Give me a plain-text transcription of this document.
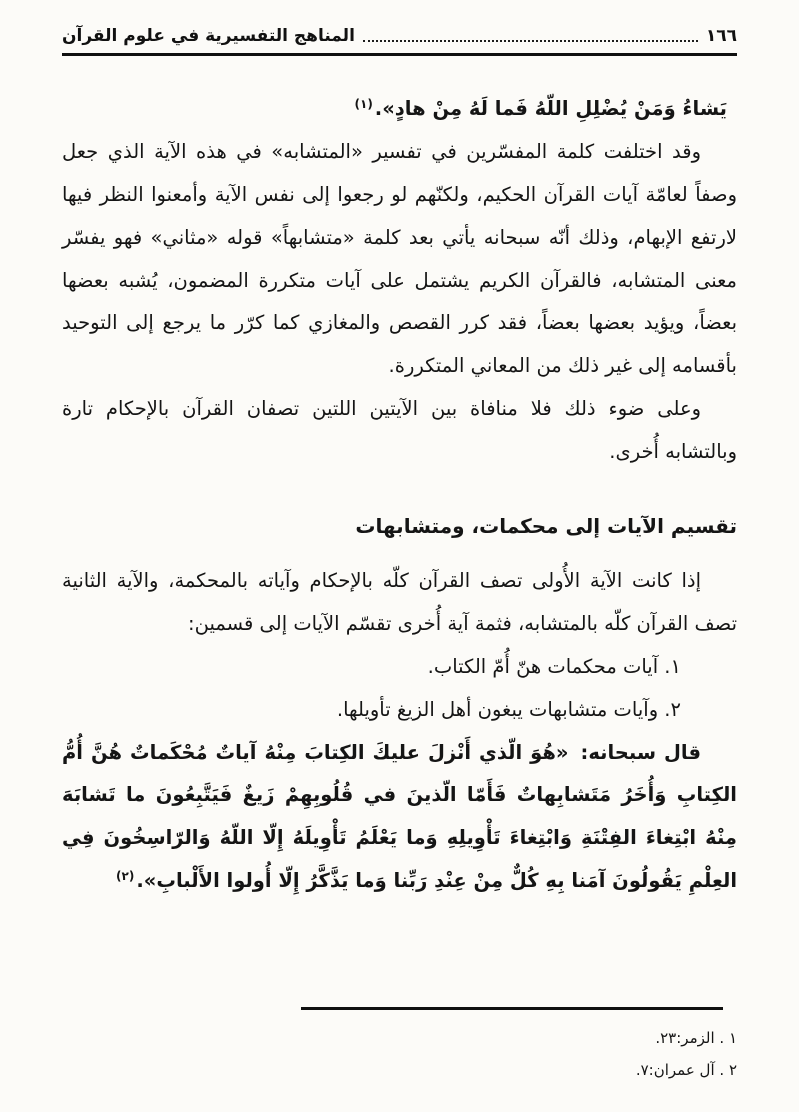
١٦٦
المناهج التفسيرية في علوم القرآن

يَشاءُ وَمَنْ يُضْلِلِ اللّهُ فَما لَهُ مِنْ هادٍ».$^{(١)}$

وقد اختلفت كلمة المفسّرين في تفسير «المتشابه» في هذه الآية الذي جعل وصفاً لعامّة آيات القرآن الحكيم، ولكنّهم لو رجعوا إلى نفس الآية وأمعنوا النظر فيها لارتفع الإبهام، وذلك أنّه سبحانه يأتي بعد كلمة «متشابهاً» قوله «مثاني» فهو يفسّر معنى المتشابه، فالقرآن الكريم يشتمل على آيات متكررة المضمون، يُشبه بعضها بعضاً، ويؤيد بعضها بعضاً، فقد كرر القصص والمغازي كما كرّر ما يرجع إلى التوحيد بأقسامه إلى غير ذلك من المعاني المتكررة.

وعلى ضوء ذلك فلا منافاة بين الآيتين اللتين تصفان القرآن بالإحكام تارة وبالتشابه أُخرى.

تقسيم الآيات إلى محكمات، ومتشابهات

إذا كانت الآية الأُولى تصف القرآن كلّه بالإحكام وآياته بالمحكمة، والآية الثانية تصف القرآن كلّه بالمتشابه، فثمة آية أُخرى تقسّم الآيات إلى قسمين:

١. آيات محكمات هنّ أُمّ الكتاب.

٢. وآيات متشابهات يبغون أهل الزيغ تأويلها.

قال سبحانه: «هُوَ الّذي أَنْزلَ عليكَ الكِتابَ مِنْهُ آياتٌ مُحْكَماتٌ هُنَّ أُمُّ الكِتابِ وَأُخَرُ مَتَشابِهاتٌ فَأَمّا الّذينَ في قُلُوبِهِمْ زَيغٌ فَيَتَّبِعُونَ ما تَشابَهَ مِنْهُ ابْتِغاءَ الفِتْنَةِ وَابْتِغاءَ تَأْوِيلِهِ وَما يَعْلَمُ تَأْوِيلَهُ إِلّا اللّهُ وَالرّاسِخُونَ فِي العِلْمِ يَقُولُونَ آمَنا بِهِ كُلٌّ مِنْ عِنْدِ رَبِّنا وَما يَذَّكَّرُ إِلّا أُولوا الأَلْبابِ».$^{(٢)}$

١ . الزمر:٢٣.

٢ . آل عمران:٧.
